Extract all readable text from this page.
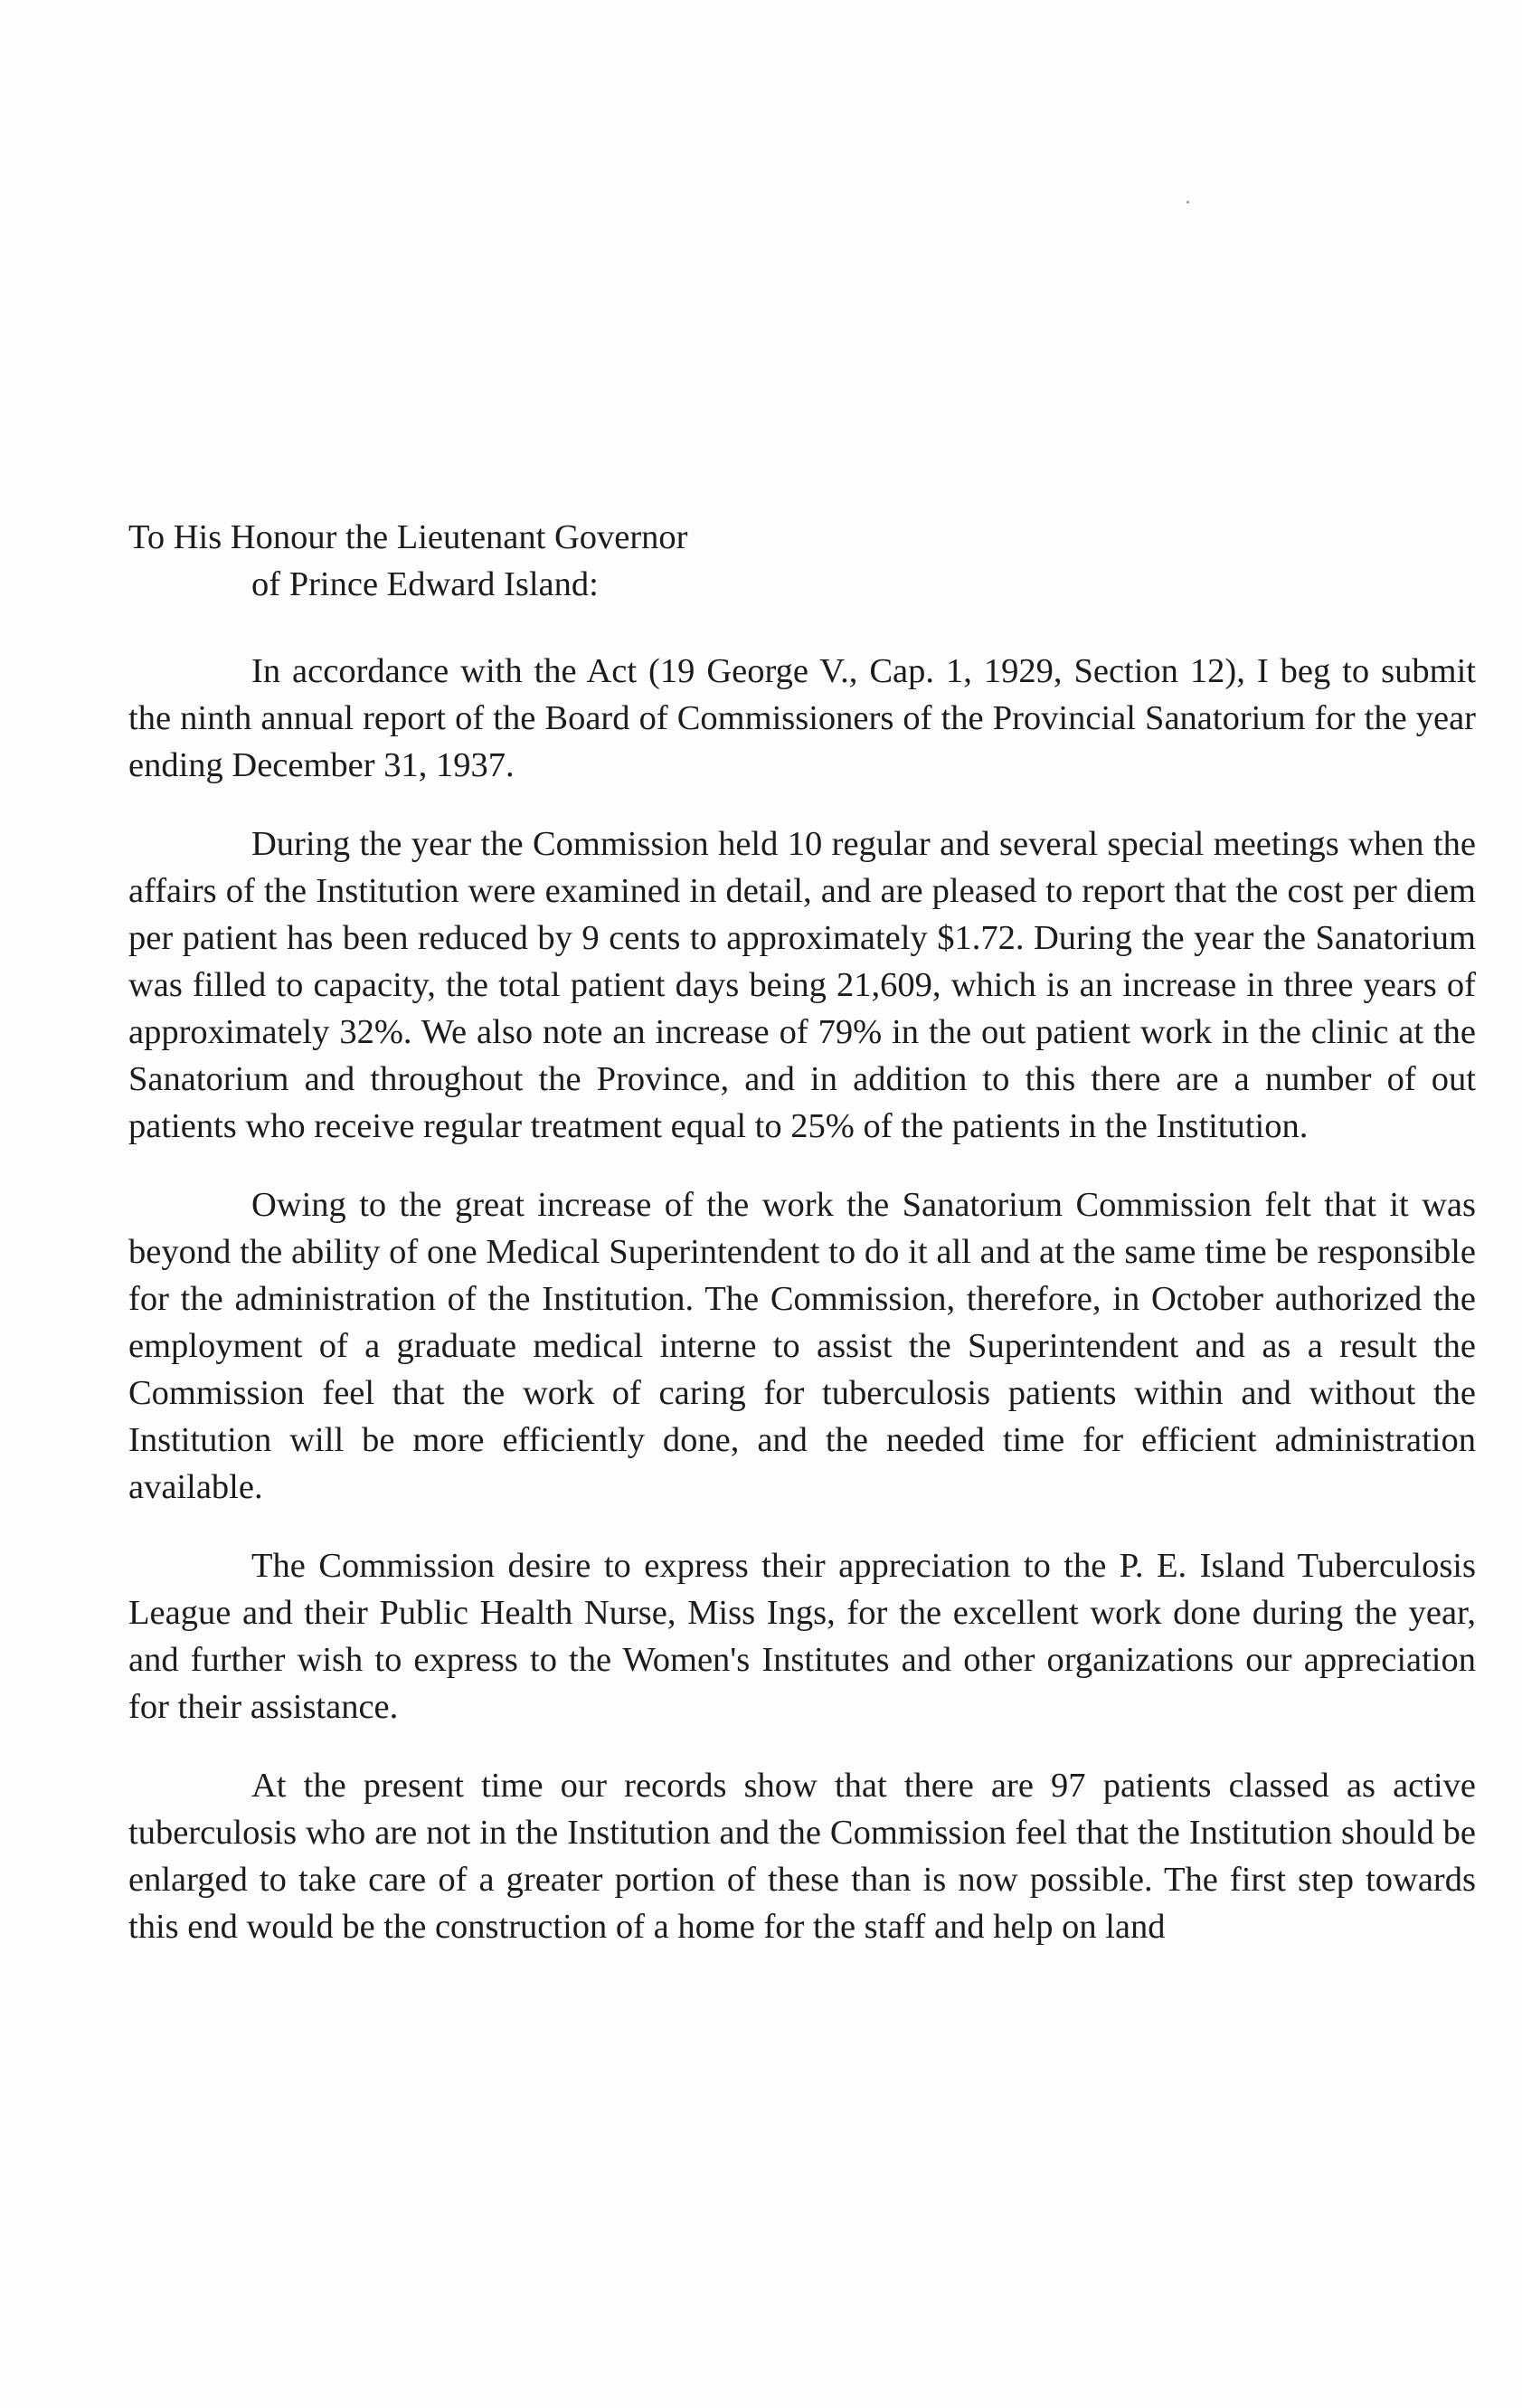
To His Honour the Lieutenant Governor
of Prince Edward Island:

In accordance with the Act (19 George V., Cap. 1, 1929, Section 12), I beg to submit the ninth annual report of the Board of Commissioners of the Provincial Sanatorium for the year ending December 31, 1937.

During the year the Commission held 10 regular and several special meetings when the affairs of the Institution were examined in detail, and are pleased to report that the cost per diem per patient has been reduced by 9 cents to approximately $1.72. During the year the Sanatorium was filled to capacity, the total patient days being 21,609, which is an increase in three years of approximately 32%. We also note an increase of 79% in the out patient work in the clinic at the Sanatorium and throughout the Province, and in addition to this there are a number of out patients who receive regular treatment equal to 25% of the patients in the Institution.

Owing to the great increase of the work the Sanatorium Commission felt that it was beyond the ability of one Medical Superintendent to do it all and at the same time be responsible for the administration of the Institution. The Commission, therefore, in October authorized the employment of a graduate medical interne to assist the Superintendent and as a result the Commission feel that the work of caring for tuberculosis patients within and without the Institution will be more efficiently done, and the needed time for efficient administration available.

The Commission desire to express their appreciation to the P. E. Island Tuberculosis League and their Public Health Nurse, Miss Ings, for the excellent work done during the year, and further wish to express to the Women's Institutes and other organizations our appreciation for their assistance.

At the present time our records show that there are 97 patients classed as active tuberculosis who are not in the Institution and the Commission feel that the Institution should be enlarged to take care of a greater portion of these than is now possible. The first step towards this end would be the construction of a home for the staff and help on land
